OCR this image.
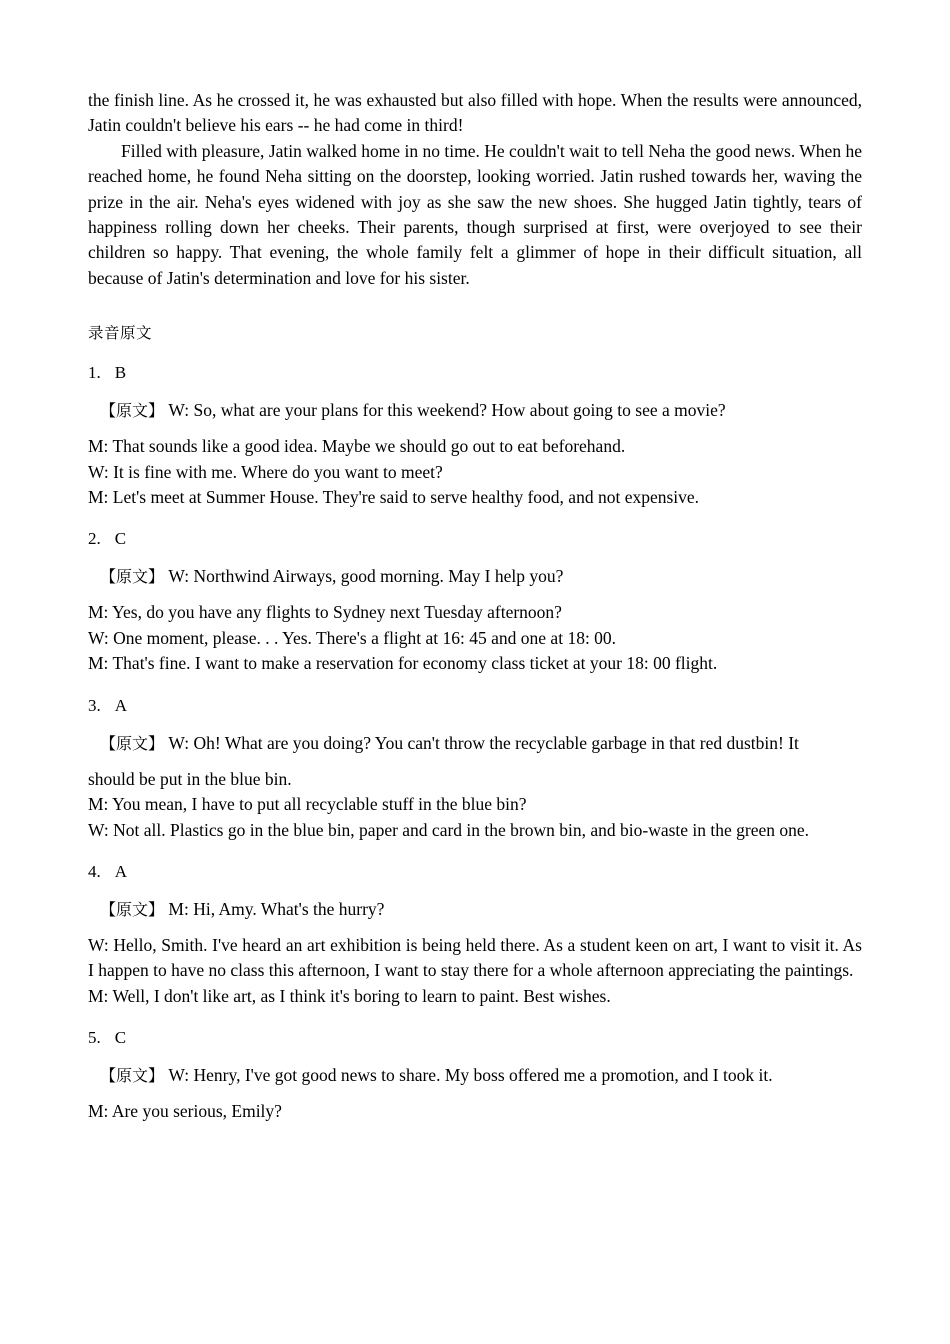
the finish line. As he crossed it, he was exhausted but also filled with hope. When the results were announced, Jatin couldn't believe his ears -- he had come in third!

Filled with pleasure, Jatin walked home in no time. He couldn't wait to tell Neha the good news. When he reached home, he found Neha sitting on the doorstep, looking worried. Jatin rushed towards her, waving the prize in the air. Neha's eyes widened with joy as she saw the new shoes. She hugged Jatin tightly, tears of happiness rolling down her cheeks. Their parents, though surprised at first, were overjoyed to see their children so happy. That evening, the whole family felt a glimmer of hope in their difficult situation, all because of Jatin's determination and love for his sister.

录音原文

1. B

【原文】 W: So, what are your plans for this weekend? How about going to see a movie?

M: That sounds like a good idea. Maybe we should go out to eat beforehand.
W: It is fine with me. Where do you want to meet?
M: Let's meet at Summer House. They're said to serve healthy food, and not expensive.

2. C

【原文】 W: Northwind Airways, good morning. May I help you?

M: Yes, do you have any flights to Sydney next Tuesday afternoon?
W: One moment, please. . . Yes. There's a flight at 16: 45 and one at 18: 00.
M: That's fine. I want to make a reservation for economy class ticket at your 18: 00 flight.

3. A

【原文】 W: Oh! What are you doing? You can't throw the recyclable garbage in that red dustbin! It

should be put in the blue bin.
M: You mean, I have to put all recyclable stuff in the blue bin?
W: Not all. Plastics go in the blue bin, paper and card in the brown bin, and bio-waste in the green one.

4. A

【原文】 M: Hi, Amy. What's the hurry?

W: Hello, Smith. I've heard an art exhibition is being held there. As a student keen on art, I want to visit it. As I happen to have no class this afternoon, I want to stay there for a whole afternoon appreciating the paintings.
M: Well, I don't like art, as I think it's boring to learn to paint. Best wishes.

5. C

【原文】 W: Henry, I've got good news to share. My boss offered me a promotion, and I took it.

M: Are you serious, Emily?
